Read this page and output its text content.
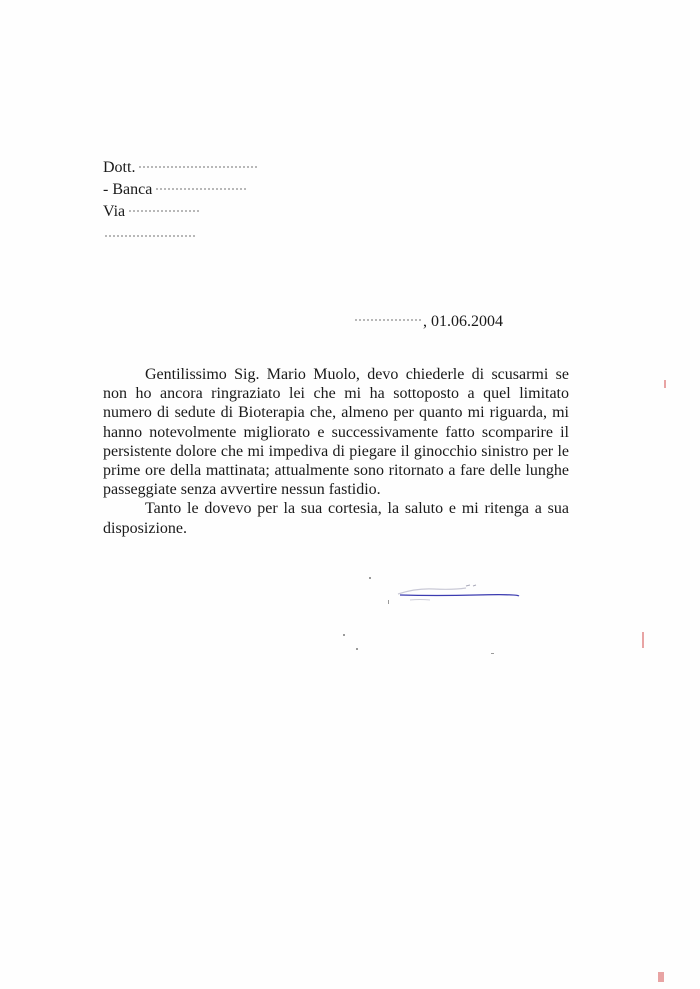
Dott.
- Banca
Via
, 01.06.2004

Gentilissimo Sig. Mario Muolo, devo chiederle di scusarmi se non ho ancora ringraziato lei che mi ha sottoposto a quel limitato numero di sedute di Bioterapia che, almeno per quanto mi riguarda, mi hanno notevolmente migliorato e successivamente fatto scomparire il persistente dolore che mi impediva di piegare il ginocchio sinistro per le prime ore della mattinata; attualmente sono ritornato a fare delle lunghe passeggiate senza avvertire nessun fastidio.

Tanto le dovevo per la sua cortesia, la saluto e mi ritenga a sua disposizione.
